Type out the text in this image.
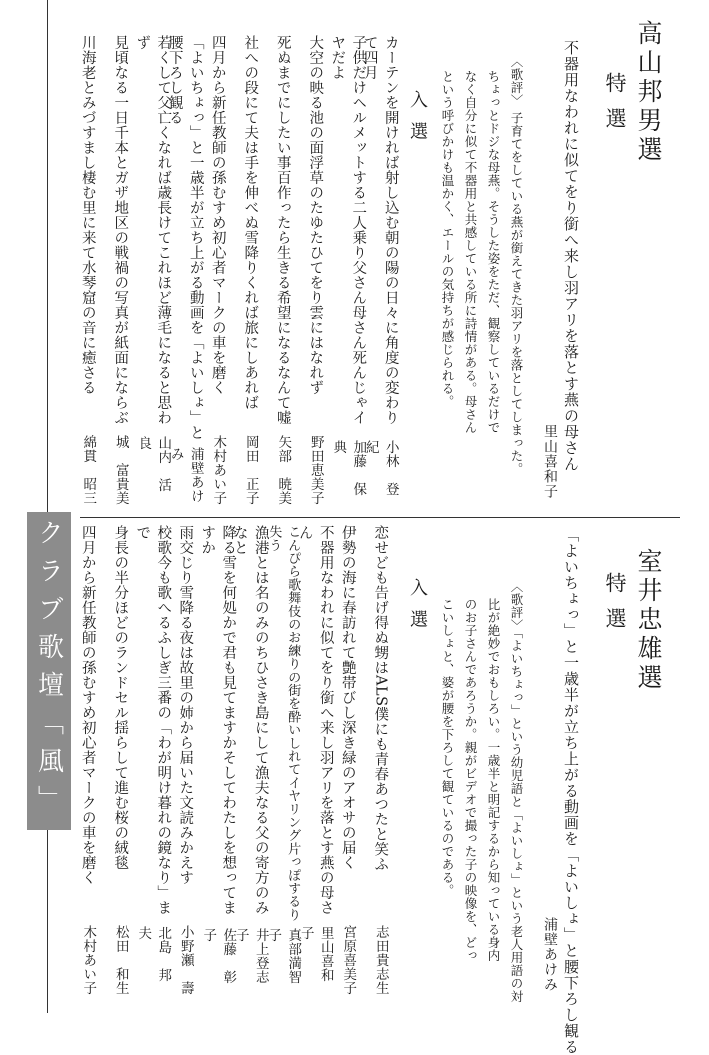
クラブ歌壇「風」
高山邦男選
特 選
不器用なわれに似てをり銜へ来し羽アリを落とす燕の母さん
里山喜和子
〈歌評〉 子育てをしている燕が銜えてきた羽アリを落としてしまった。
ちょっとドジな母燕。そうした姿をただ、観察しているだけで
なく自分に似て不器用と共感している所に詩情がある。母さん
という呼びかけも温かく、エールの気持ちが感じられる。
入 選
カーテンを開ければ射し込む朝の陽の日々に角度の変わりて四月
小林　登紀
子供だけヘルメットする二人乗り父さん母さん死んじゃイヤだよ
加藤　保典
大空の映る池の面浮草のたゆたひてをり雲にはなれず
野田恵美子
死ぬまでにしたい事百作ったら生きる希望になるなんて嘘
矢部　暁美
社への段にて夫は手を伸べぬ雪降りくれば旅にしあれば
岡田　正子
四月から新任教師の孫むすめ初心者マークの車を磨く
木村あい子
「よいちょっ」と一歳半が立ち上がる動画を「よいしょ」と腰下ろし観る
浦壁あけみ
若くして父亡くなれば歳長けてこれほど薄毛になると思わず
山内　活良
見頃なる一日千本とガザ地区の戦禍の写真が紙面にならぶ
城　富貴美
川海老とみづすまし棲む里に来て水琴窟の音に癒さる
綿貫　昭三
室井忠雄選
特 選
「よいちょっ」と一歳半が立ち上がる動画を「よいしょ」と腰下ろし観る
浦壁あけみ
〈歌評〉「よいちょっ」という幼児語と「よいしょ」という老人用語の対
比が絶妙でおもしろい。一歳半と明記するから知っている身内
のお子さんであろうか。親がビデオで撮った子の映像を、どっ
こいしょと、婆が腰を下ろして観ているのである。
入 選
恋せども告げ得ぬ甥はALS僕にも青春あつたと笑ふ
志田貴志生
伊勢の海に春訪れて艶帯びし深き緑のアオサの届く
宮原喜美子
不器用なわれに似てをり銜へ来し羽アリを落とす燕の母さん
里山喜和子
こんぴら歌舞伎のお練りの街を酔いしれてイヤリング片っぽするり失う
真部満智子
漁港とは名のみのちひさき島にして漁夫なる父の寄方のみなと
井上登志子
降る雪を何処かで君も見てますかそしてわたしを想ってますか
佐藤　彰子
雨交じり雪降る夜は故里の姉から届いた文読みかえす
小野瀬　壽
校歌今も歌へるふしぎ三番の「わが明け暮れの鏡なり」まで
北島　邦夫
身長の半分ほどのランドセル揺らして進む桜の絨毯
松田　和生
四月から新任教師の孫むすめ初心者マークの車を磨く
木村あい子
